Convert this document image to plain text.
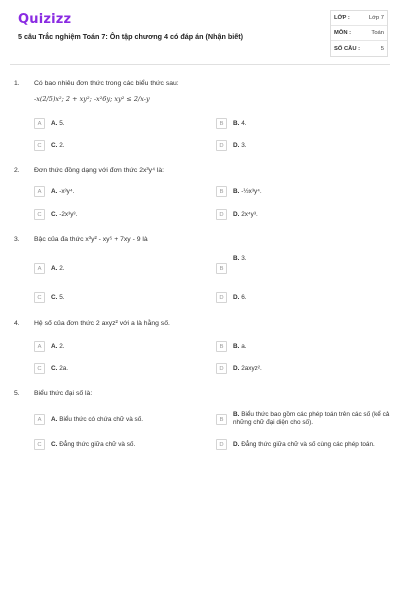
Quizizz
5 câu Trắc nghiệm Toán 7: Ôn tập chương 4 có đáp án (Nhận biết)
LỚP :	Lớp 7
MÔN :	Toán
SỐ CÂU :	5
1. Có bao nhiêu đơn thức trong các biểu thức sau:
-x(2/5)x²; 2 + xy²; -x²6y; xy² ≤ 2/x-y
A	A. 5.	B	B. 4.
C	C. 2.	D	D. 3.
2. Đơn thức đồng dạng với đơn thức 2x³y⁴ là:
A	A. -x³y⁴.	B	B. -½x³y⁴.
C	C. -2x³y³.	D	D. 2x⁴y³.
3. Bậc của đa thức x³y² - xy⁵ + 7xy - 9 là
A	A. 2.	B
B. 3.
C	C. 5.	D	D. 6.
4. Hệ số của đơn thức 2 axyz² với a là hằng số.
A	A. 2.	B	B. a.
C	C. 2a.	D	D. 2axyz².
5. Biểu thức đại số là:
A	A. Biểu thức có chứa chữ và số.	B
B. Biểu thức bao gồm các phép toán trên các số (kể cả những chữ đại diện cho số).
C	C. Đẳng thức giữa chữ và số.	D	D. Đẳng thức giữa chữ và số cùng các phép toán.
